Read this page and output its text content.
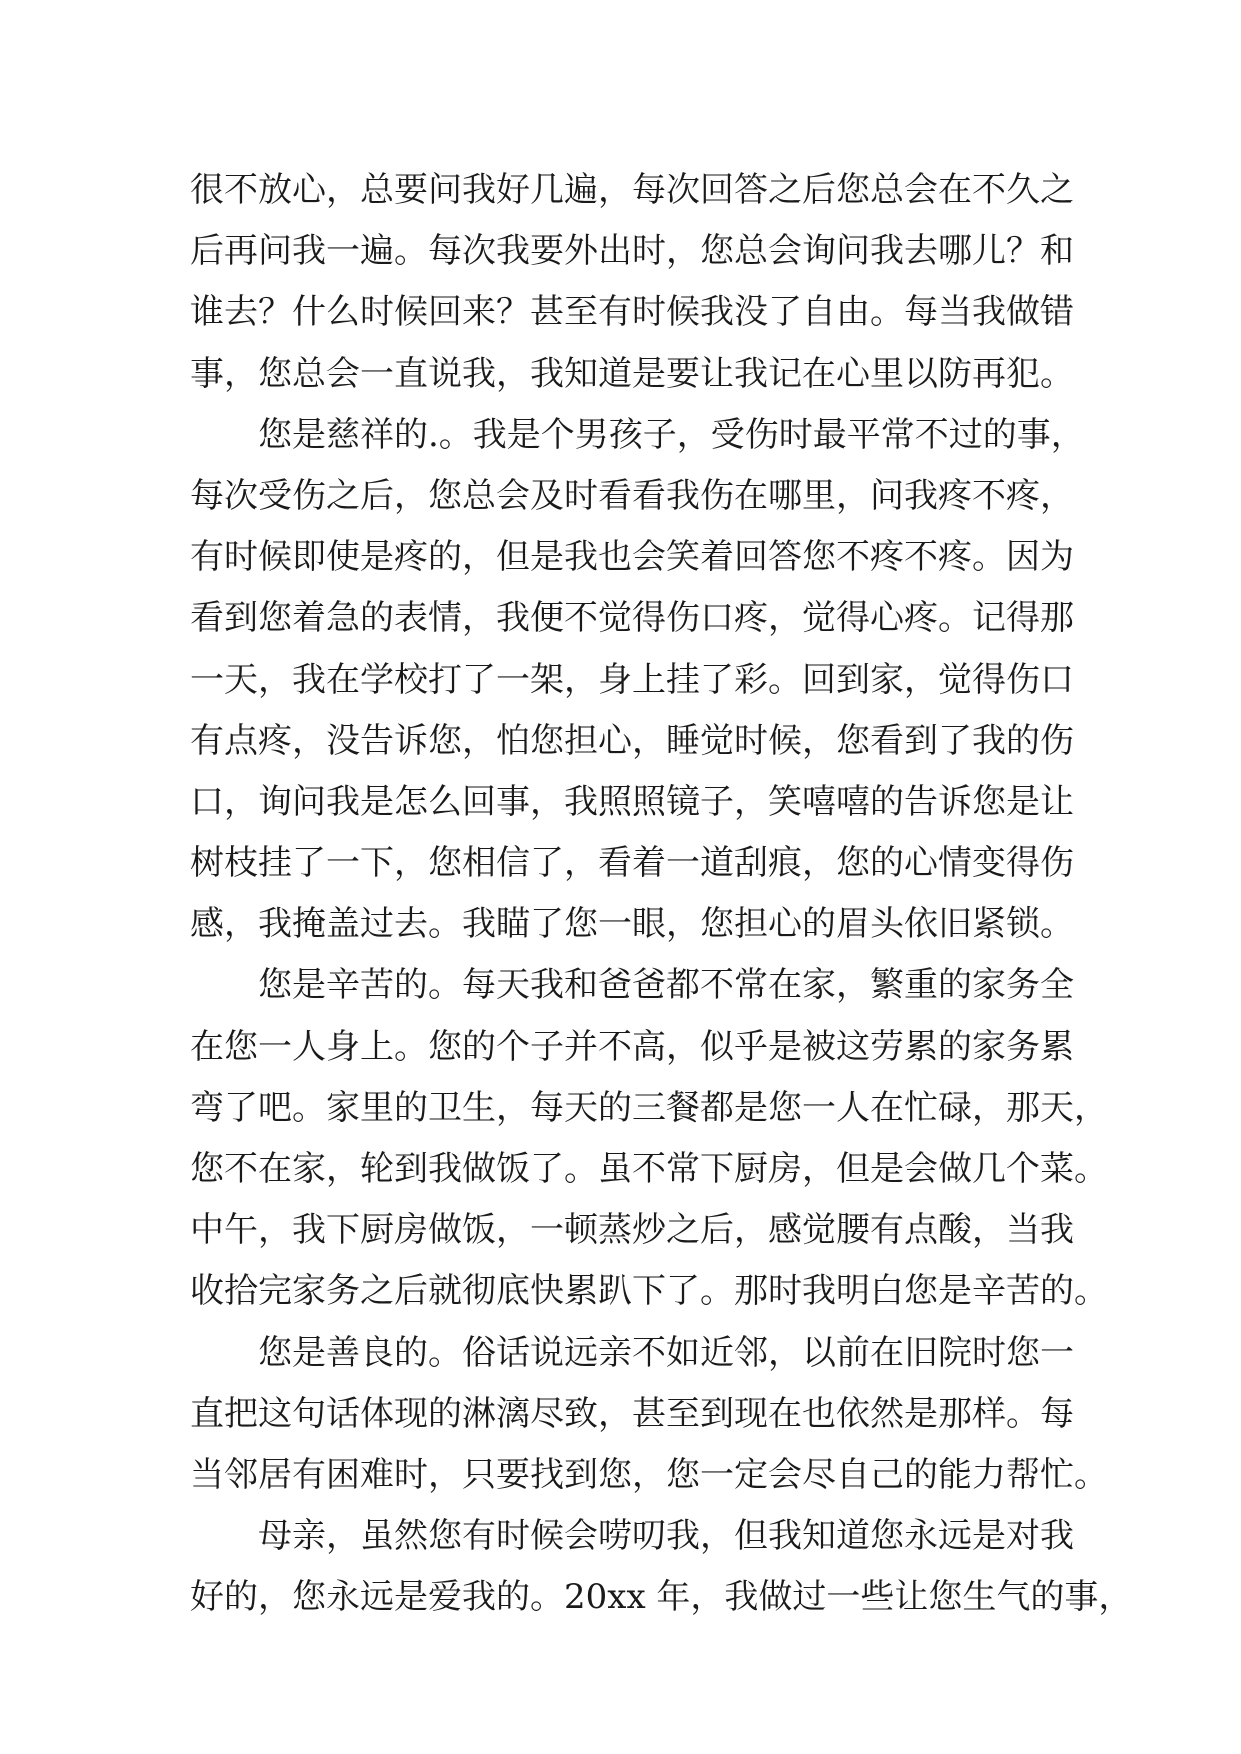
很不放心，总要问我好几遍，每次回答之后您总会在不久之
后再问我一遍。每次我要外出时，您总会询问我去哪儿？和
谁去？什么时候回来？甚至有时候我没了自由。每当我做错
事，您总会一直说我，我知道是要让我记在心里以防再犯。
您是慈祥的.。我是个男孩子，受伤时最平常不过的事，
每次受伤之后，您总会及时看看我伤在哪里，问我疼不疼，
有时候即使是疼的，但是我也会笑着回答您不疼不疼。因为
看到您着急的表情，我便不觉得伤口疼，觉得心疼。记得那
一天，我在学校打了一架，身上挂了彩。回到家，觉得伤口
有点疼，没告诉您，怕您担心，睡觉时候，您看到了我的伤
口，询问我是怎么回事，我照照镜子，笑嘻嘻的告诉您是让
树枝挂了一下，您相信了，看着一道刮痕，您的心情变得伤
感，我掩盖过去。我瞄了您一眼，您担心的眉头依旧紧锁。
您是辛苦的。每天我和爸爸都不常在家，繁重的家务全
在您一人身上。您的个子并不高，似乎是被这劳累的家务累
弯了吧。家里的卫生，每天的三餐都是您一人在忙碌，那天，
您不在家，轮到我做饭了。虽不常下厨房，但是会做几个菜。
中午，我下厨房做饭，一顿蒸炒之后，感觉腰有点酸，当我
收拾完家务之后就彻底快累趴下了。那时我明白您是辛苦的。
您是善良的。俗话说远亲不如近邻，以前在旧院时您一
直把这句话体现的淋漓尽致，甚至到现在也依然是那样。每
当邻居有困难时，只要找到您，您一定会尽自己的能力帮忙。
母亲，虽然您有时候会唠叨我，但我知道您永远是对我
好的，您永远是爱我的。20xx 年，我做过一些让您生气的事，
